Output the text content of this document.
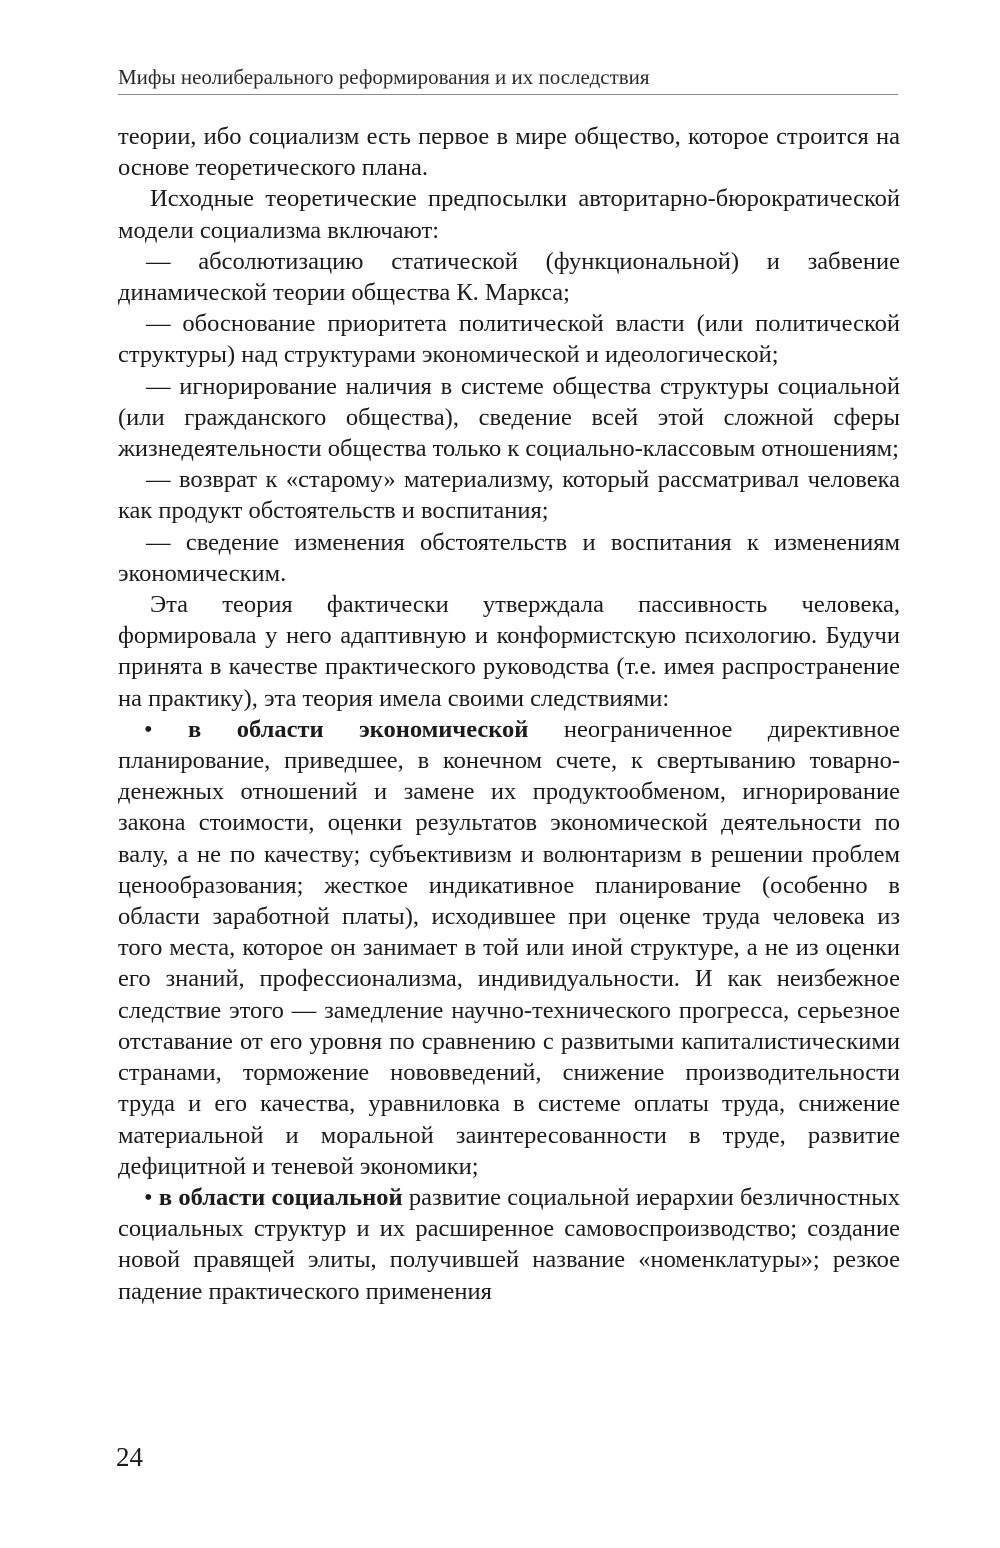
Мифы неолиберального реформирования и их последствия

теории, ибо социализм есть первое в мире общество, которое строится на основе теоретического плана.

Исходные теоретические предпосылки авторитарно-бюрократической модели социализма включают:

— абсолютизацию статической (функциональной) и забвение динамической теории общества К. Маркса;

— обоснование приоритета политической власти (или политической структуры) над структурами экономической и идеологической;

— игнорирование наличия в системе общества структуры социальной (или гражданского общества), сведение всей этой сложной сферы жизнедеятельности общества только к социально-классовым отношениям;

— возврат к «старому» материализму, который рассматривал человека как продукт обстоятельств и воспитания;

— сведение изменения обстоятельств и воспитания к изменениям экономическим.

Эта теория фактически утверждала пассивность человека, формировала у него адаптивную и конформистскую психологию. Будучи принята в качестве практического руководства (т.е. имея распространение на практику), эта теория имела своими следствиями:

• в области экономической неограниченное директивное планирование, приведшее, в конечном счете, к свертыванию товарно-денежных отношений и замене их продуктообменом, игнорирование закона стоимости, оценки результатов экономической деятельности по валу, а не по качеству; субъективизм и волюнтаризм в решении проблем ценообразования; жесткое индикативное планирование (особенно в области заработной платы), исходившее при оценке труда человека из того места, которое он занимает в той или иной структуре, а не из оценки его знаний, профессионализма, индивидуальности. И как неизбежное следствие этого — замедление научно-технического прогресса, серьезное отставание от его уровня по сравнению с развитыми капиталистическими странами, торможение нововведений, снижение производительности труда и его качества, уравниловка в системе оплаты труда, снижение материальной и моральной заинтересованности в труде, развитие дефицитной и теневой экономики;

• в области социальной развитие социальной иерархии безличностных социальных структур и их расширенное самовоспроизводство; создание новой правящей элиты, получившей название «номенклатуры»; резкое падение практического применения

24
